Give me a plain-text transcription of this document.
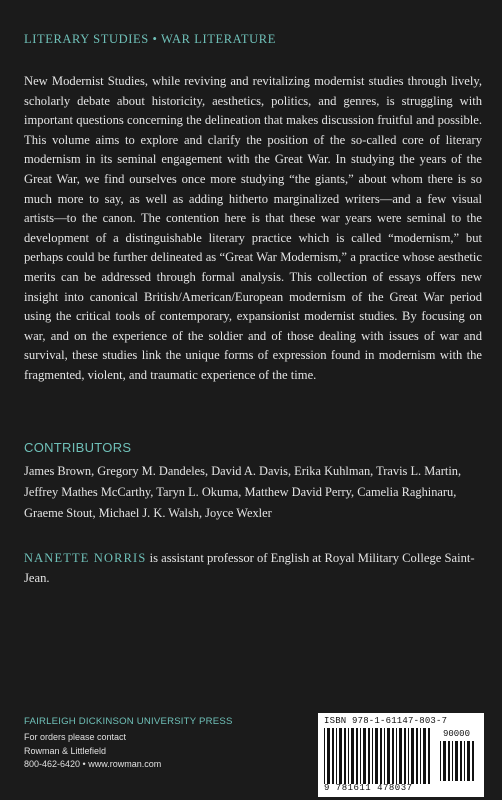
LITERARY STUDIES • WAR LITERATURE

New Modernist Studies, while reviving and revitalizing modernist studies through lively, scholarly debate about historicity, aesthetics, politics, and genres, is struggling with important questions concerning the delineation that makes discussion fruitful and possible. This volume aims to explore and clarify the position of the so-called core of literary modernism in its seminal engagement with the Great War. In studying the years of the Great War, we find ourselves once more studying “the giants,” about whom there is so much more to say, as well as adding hitherto marginalized writers—and a few visual artists—to the canon. The contention here is that these war years were seminal to the development of a distinguishable literary practice which is called “modernism,” but perhaps could be further delineated as “Great War Modernism,” a practice whose aesthetic merits can be addressed through formal analysis. This collection of essays offers new insight into canonical British/American/European modernism of the Great War period using the critical tools of contemporary, expansionist modernist studies. By focusing on war, and on the experience of the soldier and of those dealing with issues of war and survival, these studies link the unique forms of expression found in modernism with the fragmented, violent, and traumatic experience of the time.

CONTRIBUTORS

James Brown, Gregory M. Dandeles, David A. Davis, Erika Kuhlman, Travis L. Martin, Jeffrey Mathes McCarthy, Taryn L. Okuma, Matthew David Perry, Camelia Raghinaru, Graeme Stout, Michael J. K. Walsh, Joyce Wexler

NANETTE NORRIS is assistant professor of English at Royal Military College Saint-Jean.

FAIRLEIGH DICKINSON UNIVERSITY PRESS
For orders please contact
Rowman & Littlefield
800-462-6420 • www.rowman.com
ISBN 978-1-61147-803-7
90000
9 781611 478037
